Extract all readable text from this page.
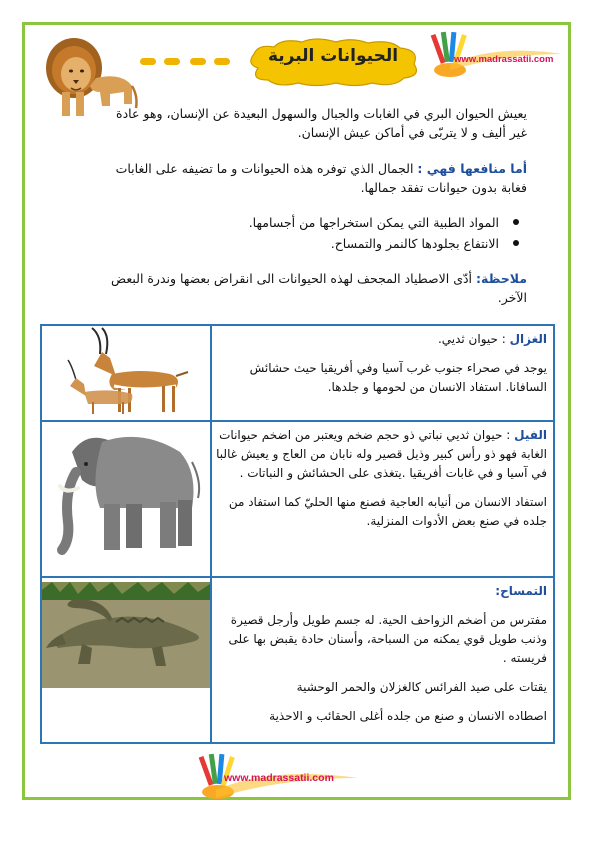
الحيوانات البرية	www.madrassatii.com
يعيش الحيوان البري في الغابات والجبال والسهول البعيدة عن الإنسان، وهو عادة غير أليف و لا يتربّى في أماكن عيش الإنسان.
أما منافعها فهي : الجمال الذي توفره هذه الحيوانات و ما تضيفه على الغابات فغابة بدون حيوانات تفقد جمالها.
المواد الطبية التي يمكن استخراجها من أجسامها.
الانتفاع بجلودها كالنمر والتمساح.
ملاحظة: أدّى الاصطياد المجحف لهذه الحيوانات الى انقراض بعضها وندرة البعض الآخر.

الغزال : حيوان ثديي.
يوجد في صحراء جنوب غرب آسيا وفي أفريقيا حيث حشائش السافانا. استفاد الانسان من لحومها و جلدها.

الفيل : حيوان ثديي نباتي ذو حجم ضخم ويعتبر من اضخم حيوانات الغابة فهو ذو رأس كبير وذيل قصير وله نابان من العاج و يعيش غالبا في آسيا و في غابات أفريقيا .يتغذى على الحشائش و النباتات .
استفاد الانسان من أنيابه العاجية فصنع منها الحليّ كما استفاد من جلده في صنع بعض الأدوات المنزلية.

التمساح:
مفترس من أضخم الزواحف الحية. له جسم طويل وأرجل قصيرة وذنب طويل قوي يمكنه من السباحة، وأسنان حادة يقبض بها على فريسته .
يقتات على صيد الفرائس كالغزلان والحمر الوحشية
اصطاده الانسان و صنع من جلده أغلى الحقائب و الاحذية
www.madrassatii.com
